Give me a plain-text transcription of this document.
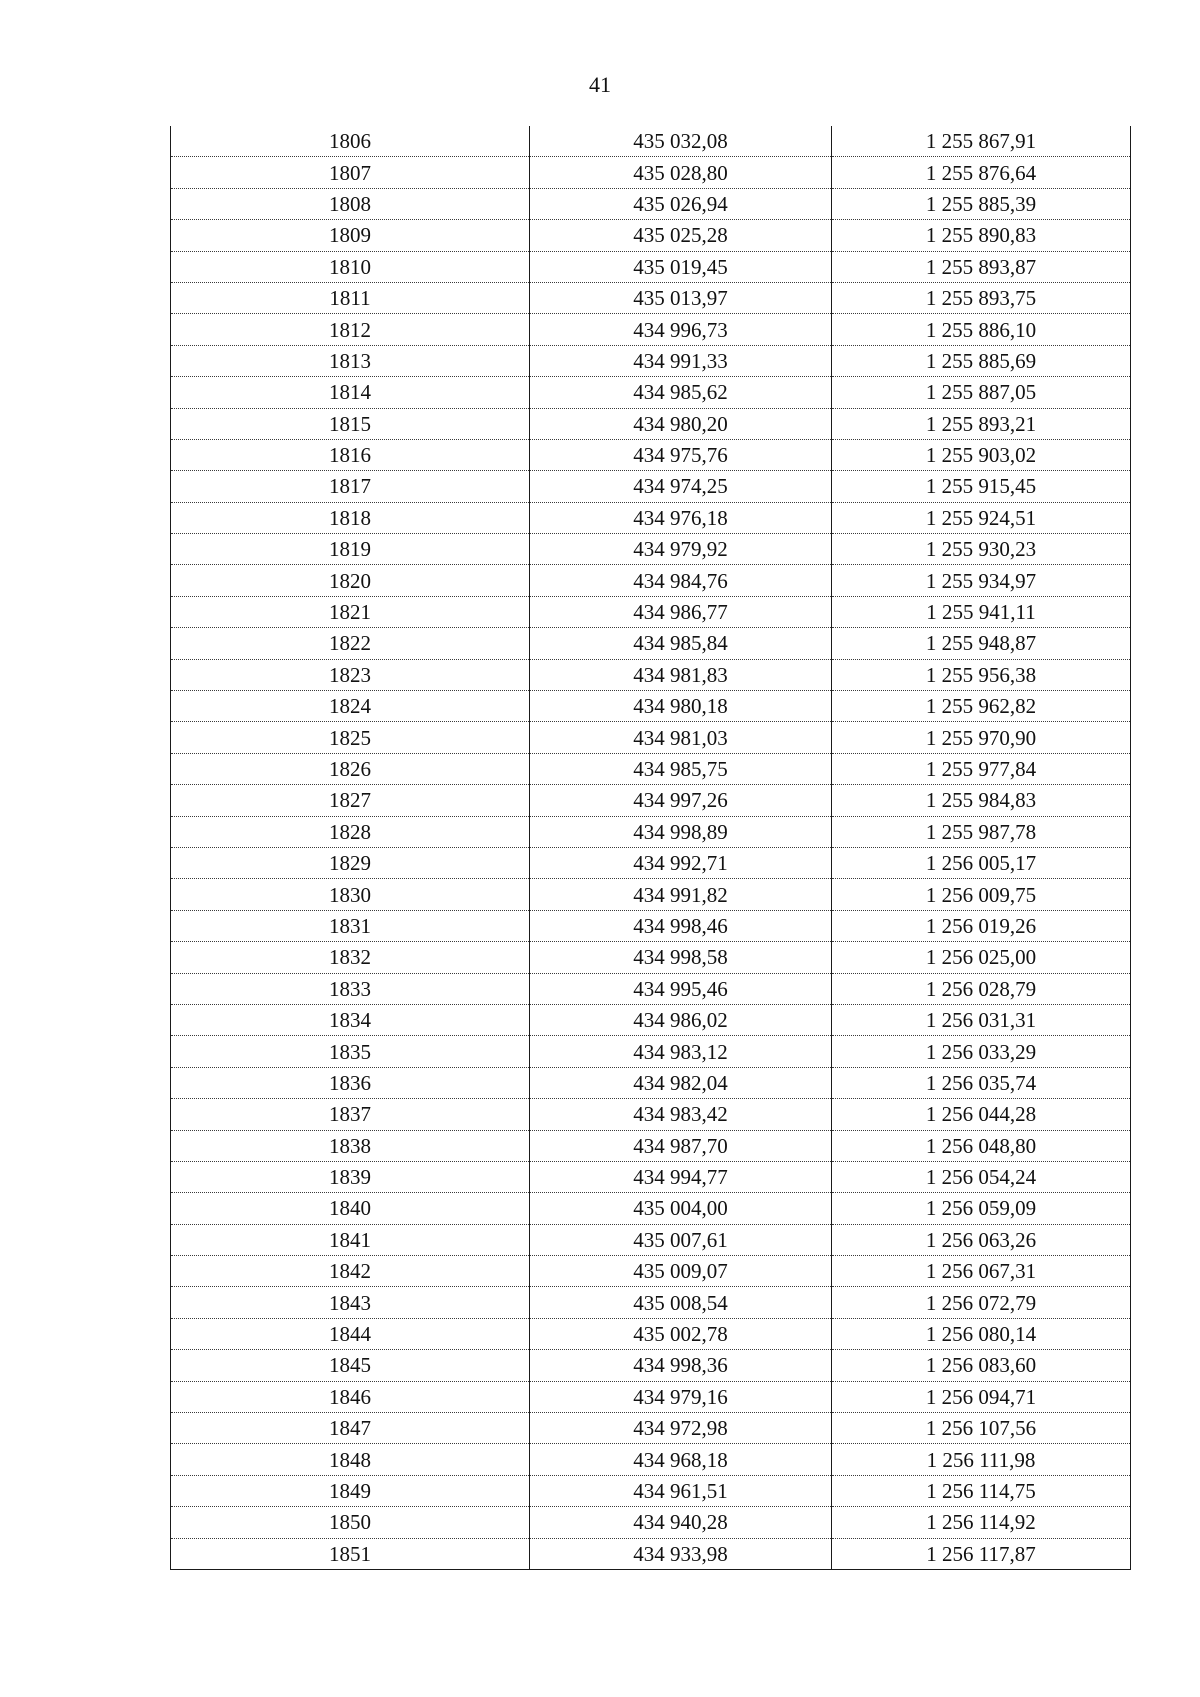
41
1806	435 032,08	1 255 867,91
1807	435 028,80	1 255 876,64
1808	435 026,94	1 255 885,39
1809	435 025,28	1 255 890,83
1810	435 019,45	1 255 893,87
1811	435 013,97	1 255 893,75
1812	434 996,73	1 255 886,10
1813	434 991,33	1 255 885,69
1814	434 985,62	1 255 887,05
1815	434 980,20	1 255 893,21
1816	434 975,76	1 255 903,02
1817	434 974,25	1 255 915,45
1818	434 976,18	1 255 924,51
1819	434 979,92	1 255 930,23
1820	434 984,76	1 255 934,97
1821	434 986,77	1 255 941,11
1822	434 985,84	1 255 948,87
1823	434 981,83	1 255 956,38
1824	434 980,18	1 255 962,82
1825	434 981,03	1 255 970,90
1826	434 985,75	1 255 977,84
1827	434 997,26	1 255 984,83
1828	434 998,89	1 255 987,78
1829	434 992,71	1 256 005,17
1830	434 991,82	1 256 009,75
1831	434 998,46	1 256 019,26
1832	434 998,58	1 256 025,00
1833	434 995,46	1 256 028,79
1834	434 986,02	1 256 031,31
1835	434 983,12	1 256 033,29
1836	434 982,04	1 256 035,74
1837	434 983,42	1 256 044,28
1838	434 987,70	1 256 048,80
1839	434 994,77	1 256 054,24
1840	435 004,00	1 256 059,09
1841	435 007,61	1 256 063,26
1842	435 009,07	1 256 067,31
1843	435 008,54	1 256 072,79
1844	435 002,78	1 256 080,14
1845	434 998,36	1 256 083,60
1846	434 979,16	1 256 094,71
1847	434 972,98	1 256 107,56
1848	434 968,18	1 256 111,98
1849	434 961,51	1 256 114,75
1850	434 940,28	1 256 114,92
1851	434 933,98	1 256 117,87
